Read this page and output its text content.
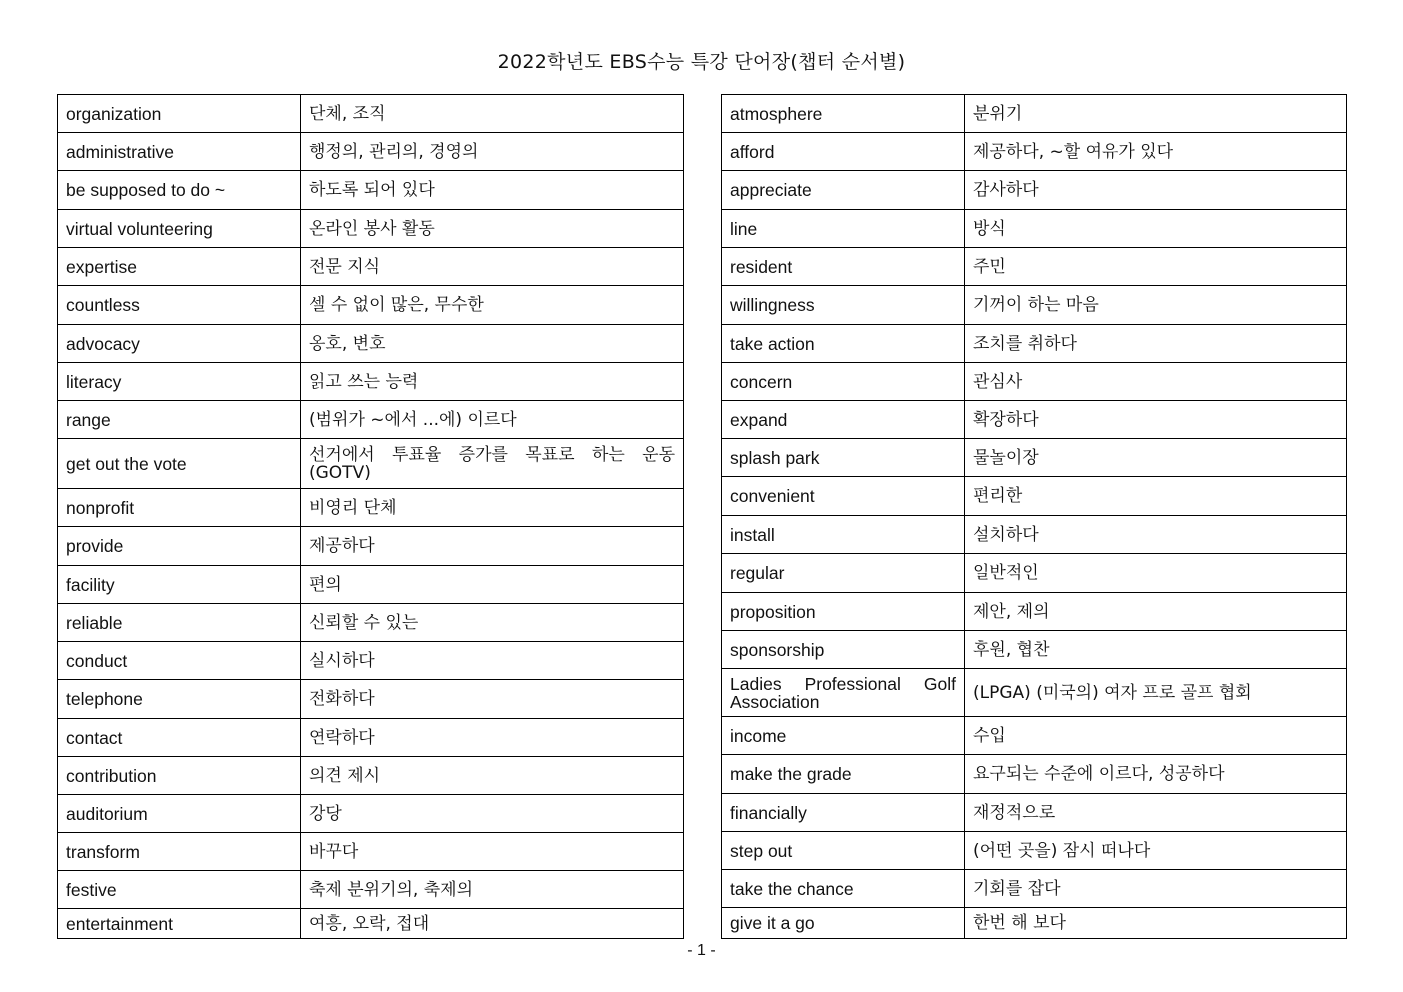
2022학년도 EBS수능 특강 단어장(챕터 순서별)
organization	단체, 조직
administrative	행정의, 관리의, 경영의
be supposed to do ~	하도록 되어 있다
virtual volunteering	온라인 봉사 활동
expertise	전문 지식
countless	셀 수 없이 많은, 무수한
advocacy	옹호, 변호
literacy	읽고 쓰는 능력
range	(범위가 ~에서 ...에) 이르다
get out the vote	선거에서 투표율 증가를 목표로 하는 운동 (GOTV)
nonprofit	비영리 단체
provide	제공하다
facility	편의
reliable	신뢰할 수 있는
conduct	실시하다
telephone	전화하다
contact	연락하다
contribution	의견 제시
auditorium	강당
transform	바꾸다
festive	축제 분위기의, 축제의
entertainment	여흥, 오락, 접대
atmosphere	분위기
afford	제공하다, ~할 여유가 있다
appreciate	감사하다
line	방식
resident	주민
willingness	기꺼이 하는 마음
take action	조치를 취하다
concern	관심사
expand	확장하다
splash park	물놀이장
convenient	편리한
install	설치하다
regular	일반적인
proposition	제안, 제의
sponsorship	후원, 협찬
Ladies Professional Golf Association	(LPGA) (미국의) 여자 프로 골프 협회
income	수입
make the grade	요구되는 수준에 이르다, 성공하다
financially	재정적으로
step out	(어떤 곳을) 잠시 떠나다
take the chance	기회를 잡다
give it a go	한번 해 보다
- 1 -
